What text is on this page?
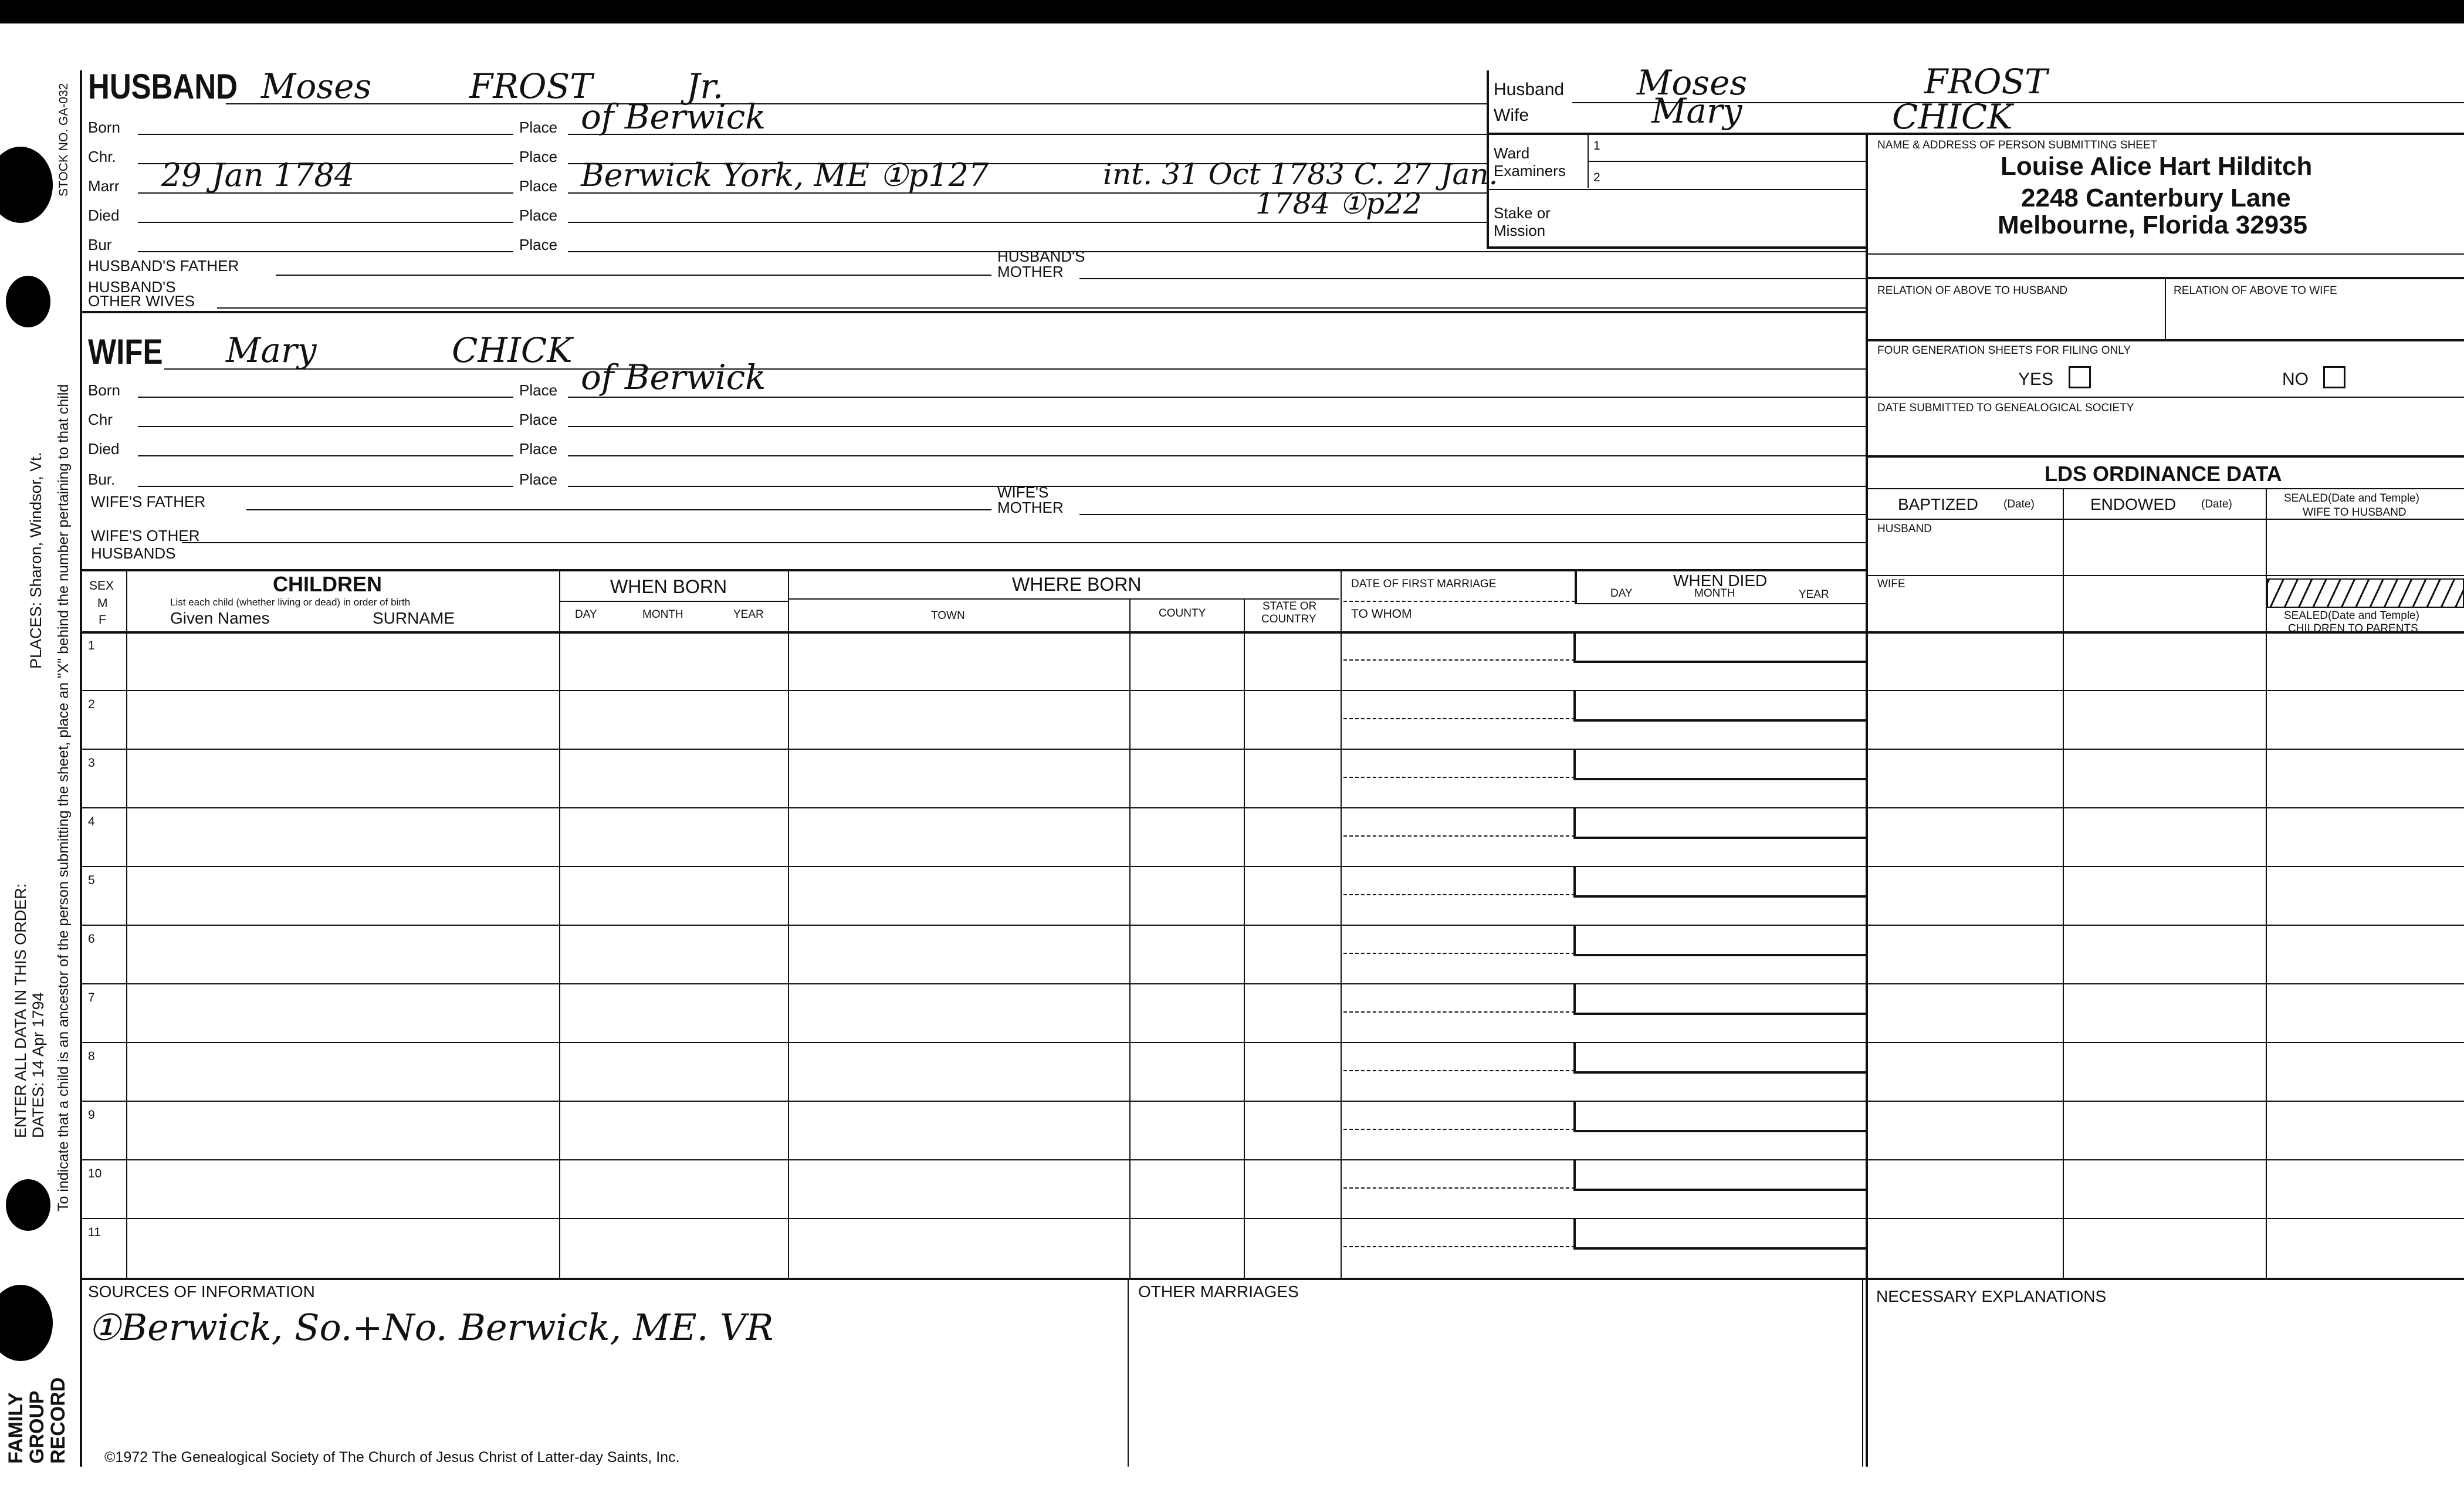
STOCK NO. GA-032
PLACES: Sharon, Windsor, Vt. To indicate that a child is an ancestor of the person submitting the sheet, place an "X" behind the number pertaining to that child
ENTER ALL DATA IN THIS ORDER: DATES: 14 Apr 1794
FAMILY
GROUP
RECORD
HUSBAND Moses	FROST	Jr.
Born	Place of Berwick
Chr.	Place
Marr 29 Jan 1784	Place Berwick York, ME ①p127	int. 31 Oct 1783 C. 27 Jan.
1784 ①p22
Died	Place
Bur	Place
HUSBAND'S FATHER
HUSBAND'S
MOTHER
HUSBAND'S
OTHER WIVES
WIFE Mary	CHICK
Born	Place of Berwick
Chr	Place
Died	Place
Bur.	Place
WIFE'S FATHER
WIFE'S
MOTHER
WIFE'S OTHER
HUSBANDS
Husband Moses	FROST
Wife	Mary	CHICK
Ward
Examiners
1
2
Stake or
Mission
NAME & ADDRESS OF PERSON SUBMITTING SHEET
Louise Alice Hart Hilditch
2248 Canterbury Lane
Melbourne, Florida 32935
RELATION OF ABOVE TO HUSBAND	RELATION OF ABOVE TO WIFE
FOUR GENERATION SHEETS FOR FILING ONLY
YES	NO
DATE SUBMITTED TO GENEALOGICAL SOCIETY
LDS ORDINANCE DATA
BAPTIZED (Date)	ENDOWED (Date)	SEALED(Date and Temple)
WIFE TO HUSBAND
HUSBAND
WIFE
SEALED(Date and Temple)
CHILDREN TO PARENTS
SEX
M
F
CHILDREN
List each child (whether living or dead) in order of birth
Given Names	SURNAME
WHEN BORN
DAY	MONTH	YEAR
WHERE BORN
TOWN	COUNTY
STATE OR
COUNTRY
DATE OF FIRST MARRIAGE
TO WHOM
WHEN DIED
DAY	MONTH	YEAR
1
2
3
4
5
6
7
8
9
10
11
SOURCES OF INFORMATION
①Berwick, So.+No. Berwick, ME. VR
OTHER MARRIAGES	NECESSARY EXPLANATIONS
©1972 The Genealogical Society of The Church of Jesus Christ of Latter-day Saints, Inc.
